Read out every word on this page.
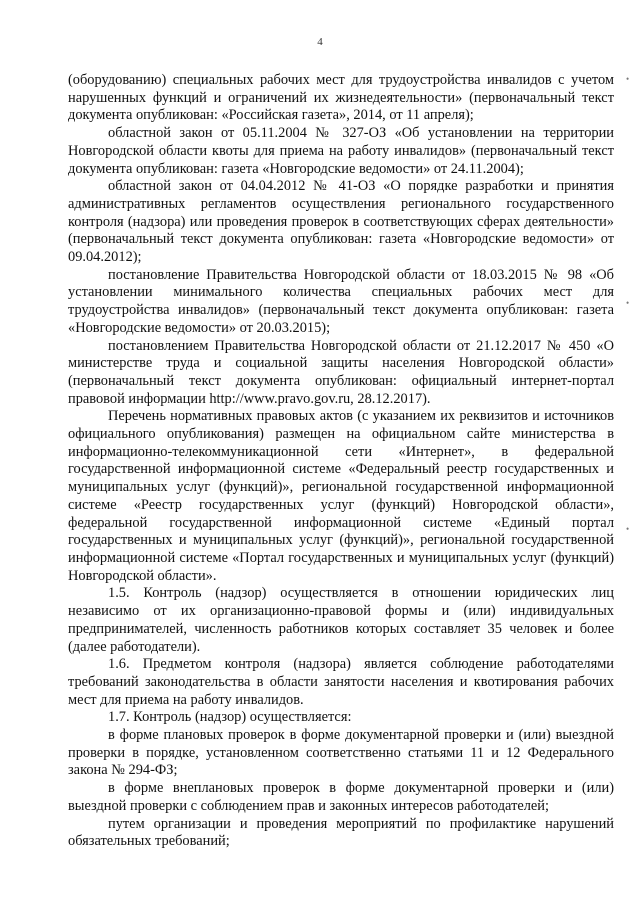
4
•
•
•

(оборудованию) специальных рабочих мест для трудоустройства инвалидов с учетом нарушенных функций и ограничений их жизнедеятельности» (первоначальный текст документа опубликован: «Российская газета», 2014, от 11 апреля);

областной закон от 05.11.2004 № 327-ОЗ «Об установлении на территории Новгородской области квоты для приема на работу инвалидов» (первоначальный текст документа опубликован: газета «Новгородские ведомости» от 24.11.2004);

областной закон от 04.04.2012 № 41-ОЗ «О порядке разработки и принятия административных регламентов осуществления регионального государственного контроля (надзора) или проведения проверок в соответствующих сферах деятельности» (первоначальный текст документа опубликован: газета «Новгородские ведомости» от 09.04.2012);

постановление Правительства Новгородской области от 18.03.2015 № 98 «Об установлении минимального количества специальных рабочих мест для трудоустройства инвалидов» (первоначальный текст документа опубликован: газета «Новгородские ведомости» от 20.03.2015);

постановлением Правительства Новгородской области от 21.12.2017 № 450 «О министерстве труда и социальной защиты населения Новгородской области» (первоначальный текст документа опубликован: официальный интернет-портал правовой информации http://www.pravo.gov.ru, 28.12.2017).

Перечень нормативных правовых актов (с указанием их реквизитов и источников официального опубликования) размещен на официальном сайте министерства в информационно-телекоммуникационной сети «Интернет», в федеральной государственной информационной системе «Федеральный реестр государственных и муниципальных услуг (функций)», региональной государственной информационной системе «Реестр государственных услуг (функций) Новгородской области», федеральной государственной информационной системе «Единый портал государственных и муниципальных услуг (функций)», региональной государственной информационной системе «Портал государственных и муниципальных услуг (функций) Новгородской области».

1.5. Контроль (надзор) осуществляется в отношении юридических лиц независимо от их организационно-правовой формы и (или) индивидуальных предпринимателей, численность работников которых составляет 35 человек и более (далее работодатели).

1.6. Предметом контроля (надзора) является соблюдение работодателями требований законодательства в области занятости населения и квотирования рабочих мест для приема на работу инвалидов.

1.7. Контроль (надзор) осуществляется:

в форме плановых проверок в форме документарной проверки и (или) выездной проверки в порядке, установленном соответственно статьями 11 и 12 Федерального закона № 294-ФЗ;

в форме внеплановых проверок в форме документарной проверки и (или) выездной проверки с соблюдением прав и законных интересов работодателей;

путем организации и проведения мероприятий по профилактике нарушений обязательных требований;
